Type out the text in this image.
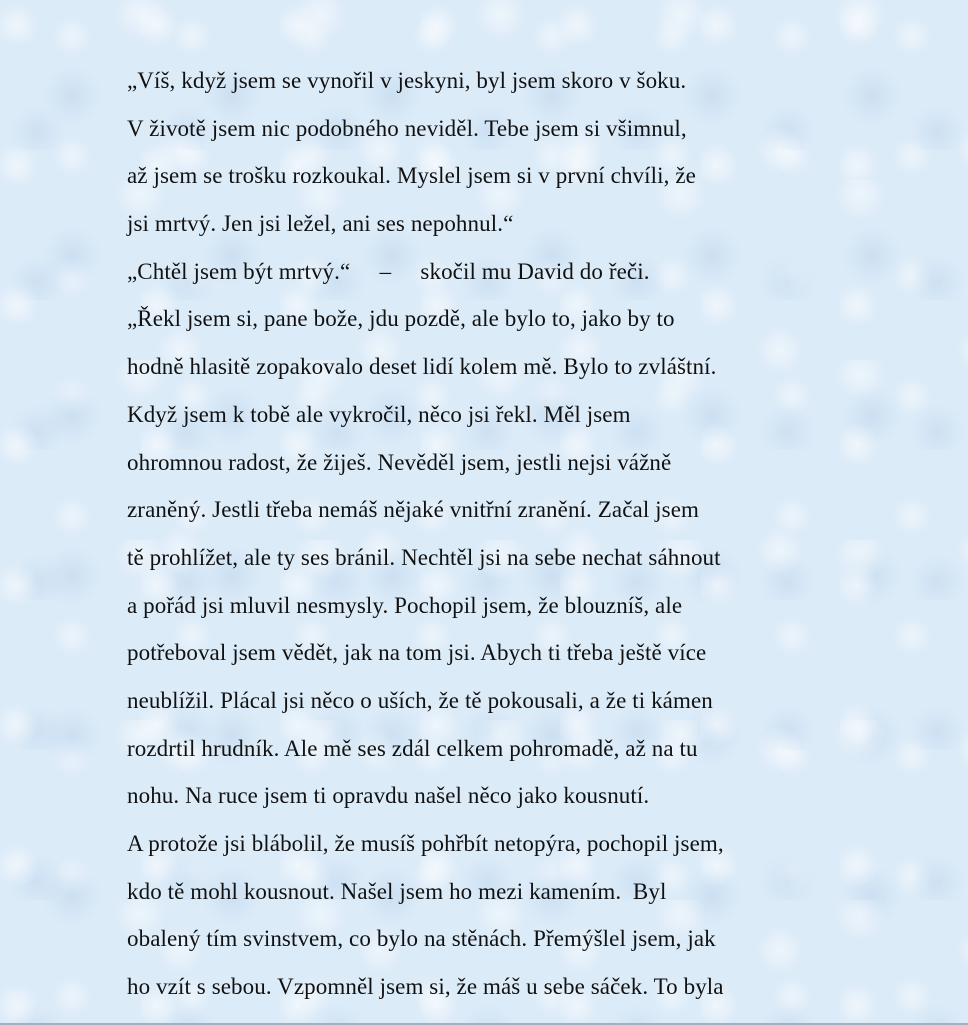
„Víš, když jsem se vynořil v jeskyni, byl jsem skoro v šoku.
V životě jsem nic podobného neviděl. Tebe jsem si všimnul,
až jsem se trošku rozkoukal. Myslel jsem si v první chvíli, že
jsi mrtvý. Jen jsi ležel, ani ses nepohnul.“
„Chtěl jsem být mrtvý.“     –     skočil mu David do řeči.
„Řekl jsem si, pane bože, jdu pozdě, ale bylo to, jako by to
hodně hlasitě zopakovalo deset lidí kolem mě. Bylo to zvláštní.
Když jsem k tobě ale vykročil, něco jsi řekl. Měl jsem
ohromnou radost, že žiješ. Nevěděl jsem, jestli nejsi vážně
zraněný. Jestli třeba nemáš nějaké vnitřní zranění. Začal jsem
tě prohlížet, ale ty ses bránil. Nechtěl jsi na sebe nechat sáhnout
a pořád jsi mluvil nesmysly. Pochopil jsem, že blouzníš, ale
potřeboval jsem vědět, jak na tom jsi. Abych ti třeba ještě více
neublížil. Plácal jsi něco o uších, že tě pokousali, a že ti kámen
rozdrtil hrudník. Ale mě ses zdál celkem pohromadě, až na tu
nohu. Na ruce jsem ti opravdu našel něco jako kousnutí.
A protože jsi blábolil, že musíš pohřbít netopýra, pochopil jsem,
kdo tě mohl kousnout. Našel jsem ho mezi kamením.  Byl
obalený tím svinstvem, co bylo na stěnách. Přemýšlel jsem, jak
ho vzít s sebou. Vzpomněl jsem si, že máš u sebe sáček. To byla
